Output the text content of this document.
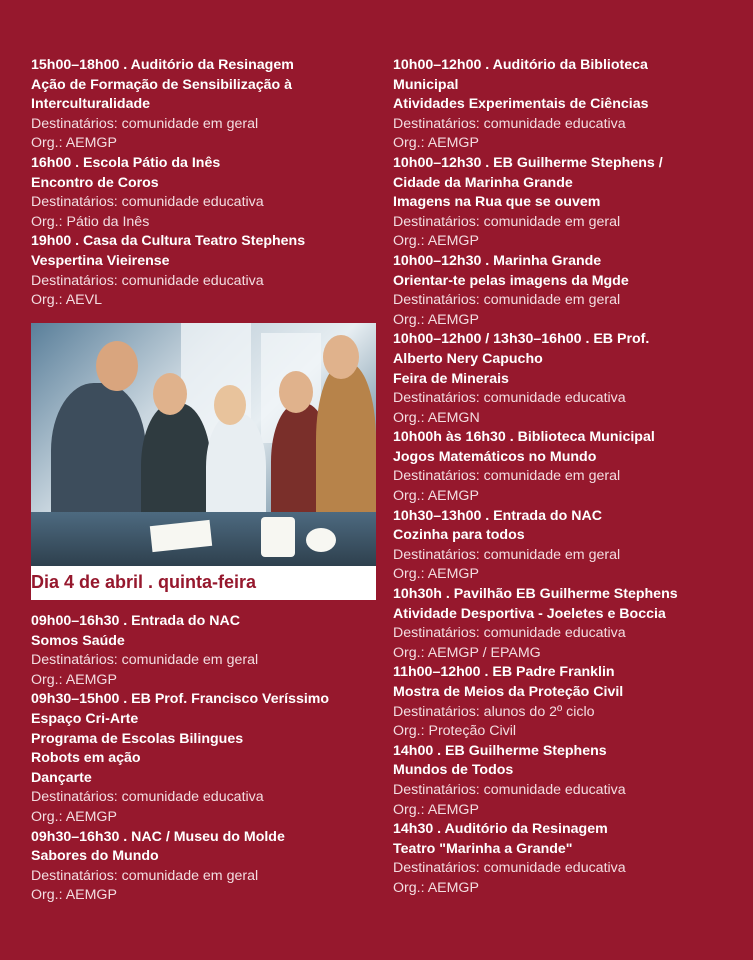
15h00–18h00 . Auditório da Resinagem
Ação de Formação de Sensibilização à
Interculturalidade
Destinatários: comunidade em geral
Org.: AEMGP
16h00 . Escola Pátio da Inês
Encontro de Coros
Destinatários: comunidade educativa
Org.: Pátio da Inês
19h00 . Casa da Cultura Teatro Stephens
Vespertina Vieirense
Destinatários: comunidade educativa
Org.: AEVL
Dia 4 de abril . quinta-feira
09h00–16h30 . Entrada do NAC
Somos Saúde
Destinatários: comunidade em geral
Org.: AEMGP
09h30–15h00 . EB Prof. Francisco Veríssimo
Espaço Cri-Arte
Programa de Escolas Bilingues
Robots em ação
Dançarte
Destinatários: comunidade educativa
Org.: AEMGP
09h30–16h30 . NAC / Museu do Molde
Sabores do Mundo
Destinatários: comunidade em geral
Org.: AEMGP
10h00–12h00 . Auditório da Biblioteca
Municipal
Atividades Experimentais de Ciências
Destinatários: comunidade educativa
Org.: AEMGP
10h00–12h30 . EB Guilherme Stephens /
Cidade da Marinha Grande
Imagens na Rua que se ouvem
Destinatários: comunidade em geral
Org.: AEMGP
10h00–12h30 . Marinha Grande
Orientar-te pelas imagens da Mgde
Destinatários: comunidade em geral
Org.: AEMGP
10h00–12h00 / 13h30–16h00 . EB Prof.
Alberto Nery Capucho
Feira de Minerais
Destinatários: comunidade educativa
Org.: AEMGN
10h00h às 16h30 . Biblioteca Municipal
Jogos Matemáticos no Mundo
Destinatários: comunidade em geral
Org.: AEMGP
10h30–13h00 . Entrada do NAC
Cozinha para todos
Destinatários: comunidade em geral
Org.: AEMGP
10h30h . Pavilhão EB Guilherme Stephens
Atividade Desportiva - Joeletes e Boccia
Destinatários: comunidade educativa
Org.: AEMGP / EPAMG
11h00–12h00 . EB Padre Franklin
Mostra de Meios da Proteção Civil
Destinatários: alunos do 2º ciclo
Org.: Proteção Civil
14h00 . EB Guilherme Stephens
Mundos de Todos
Destinatários: comunidade educativa
Org.: AEMGP
14h30 . Auditório da Resinagem
Teatro "Marinha a Grande"
Destinatários: comunidade educativa
Org.: AEMGP
